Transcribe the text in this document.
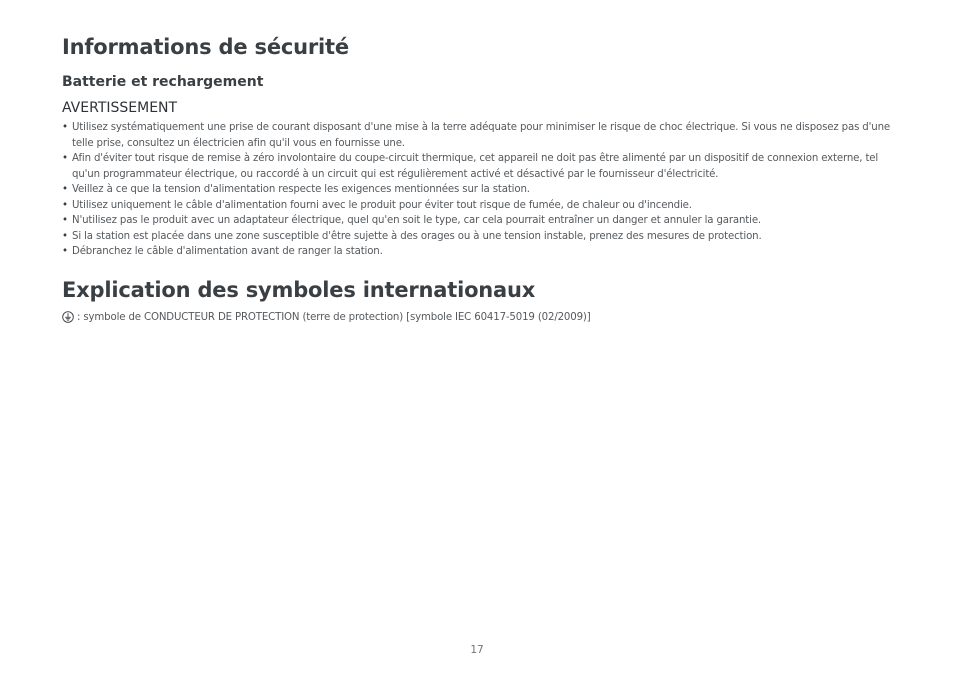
Informations de sécurité
Batterie et rechargement
AVERTISSEMENT
• Utilisez systématiquement une prise de courant disposant d'une mise à la terre adéquate pour minimiser le risque de choc électrique. Si vous ne disposez pas d'une telle prise, consultez un électricien afin qu'il vous en fournisse une.
• Afin d'éviter tout risque de remise à zéro involontaire du coupe-circuit thermique, cet appareil ne doit pas être alimenté par un dispositif de connexion externe, tel qu'un programmateur électrique, ou raccordé à un circuit qui est régulièrement activé et désactivé par le fournisseur d'électricité.
• Veillez à ce que la tension d'alimentation respecte les exigences mentionnées sur la station.
• Utilisez uniquement le câble d'alimentation fourni avec le produit pour éviter tout risque de fumée, de chaleur ou d'incendie.
• N'utilisez pas le produit avec un adaptateur électrique, quel qu'en soit le type, car cela pourrait entraîner un danger et annuler la garantie.
• Si la station est placée dans une zone susceptible d'être sujette à des orages ou à une tension instable, prenez des mesures de protection.
• Débranchez le câble d'alimentation avant de ranger la station.
Explication des symboles internationaux
: symbole de CONDUCTEUR DE PROTECTION (terre de protection) [symbole IEC 60417-5019 (02/2009)]
17
